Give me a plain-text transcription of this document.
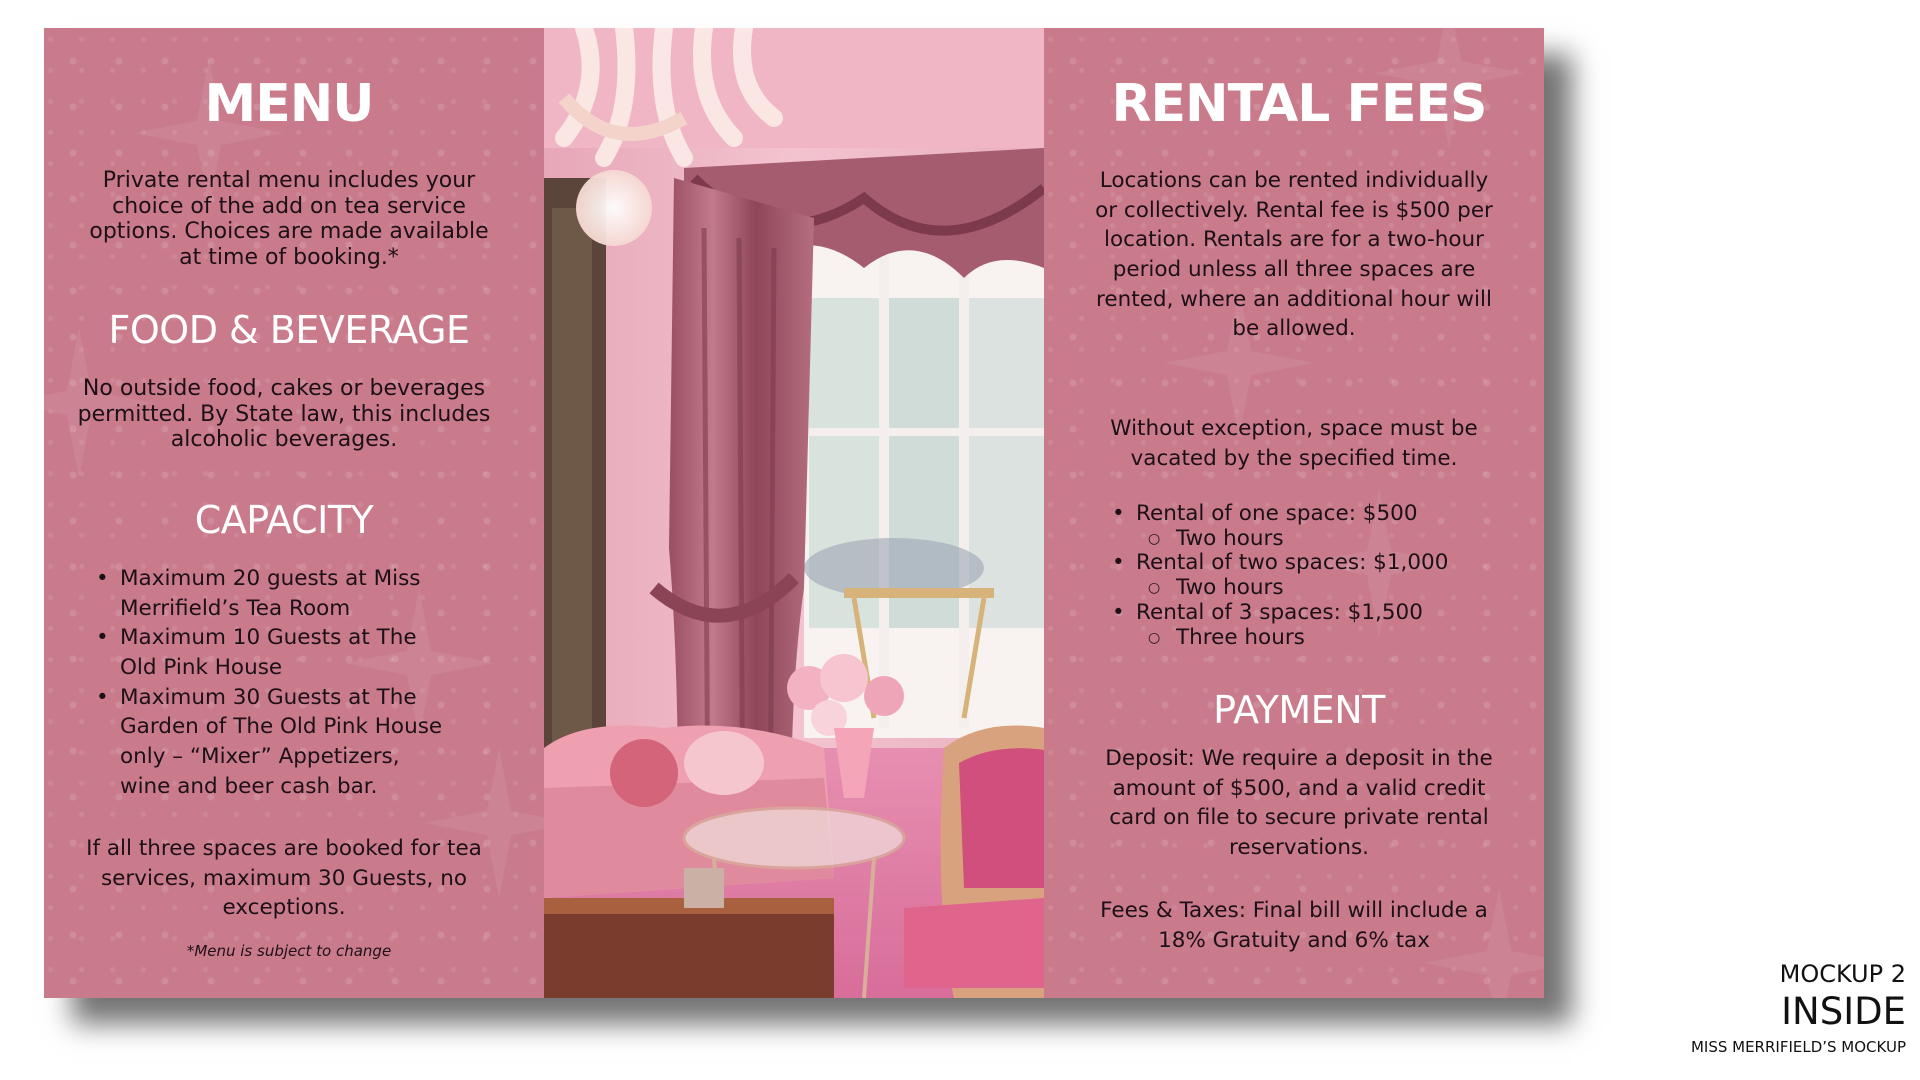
MENU

Private rental menu includes your choice of the add on tea service options. Choices are made available at time of booking.*

FOOD & BEVERAGE

No outside food, cakes or beverages permitted. By State law, this includes alcoholic beverages.

CAPACITY
• Maximum 20 guests at Miss Merrifield’s Tea Room
• Maximum 10 Guests at The Old Pink House
• Maximum 30 Guests at The Garden of The Old Pink House only – “Mixer” Appetizers, wine and beer cash bar.

If all three spaces are booked for tea services, maximum 30 Guests, no exceptions.

*Menu is subject to change

RENTAL FEES

Locations can be rented individually or collectively. Rental fee is $500 per location. Rentals are for a two-hour period unless all three spaces are rented, where an additional hour will be allowed.

Without exception, space must be vacated by the specified time.

• Rental of one space: $500
○ Two hours
• Rental of two spaces: $1,000
○ Two hours
• Rental of 3 spaces: $1,500
○ Three hours
PAYMENT

Deposit: We require a deposit in the amount of $500, and a valid credit card on file to secure private rental reservations.

Fees & Taxes: Final bill will include a 18% Gratuity and 6% tax

MOCKUP 2
INSIDE
MISS MERRIFIELD’S MOCKUP
